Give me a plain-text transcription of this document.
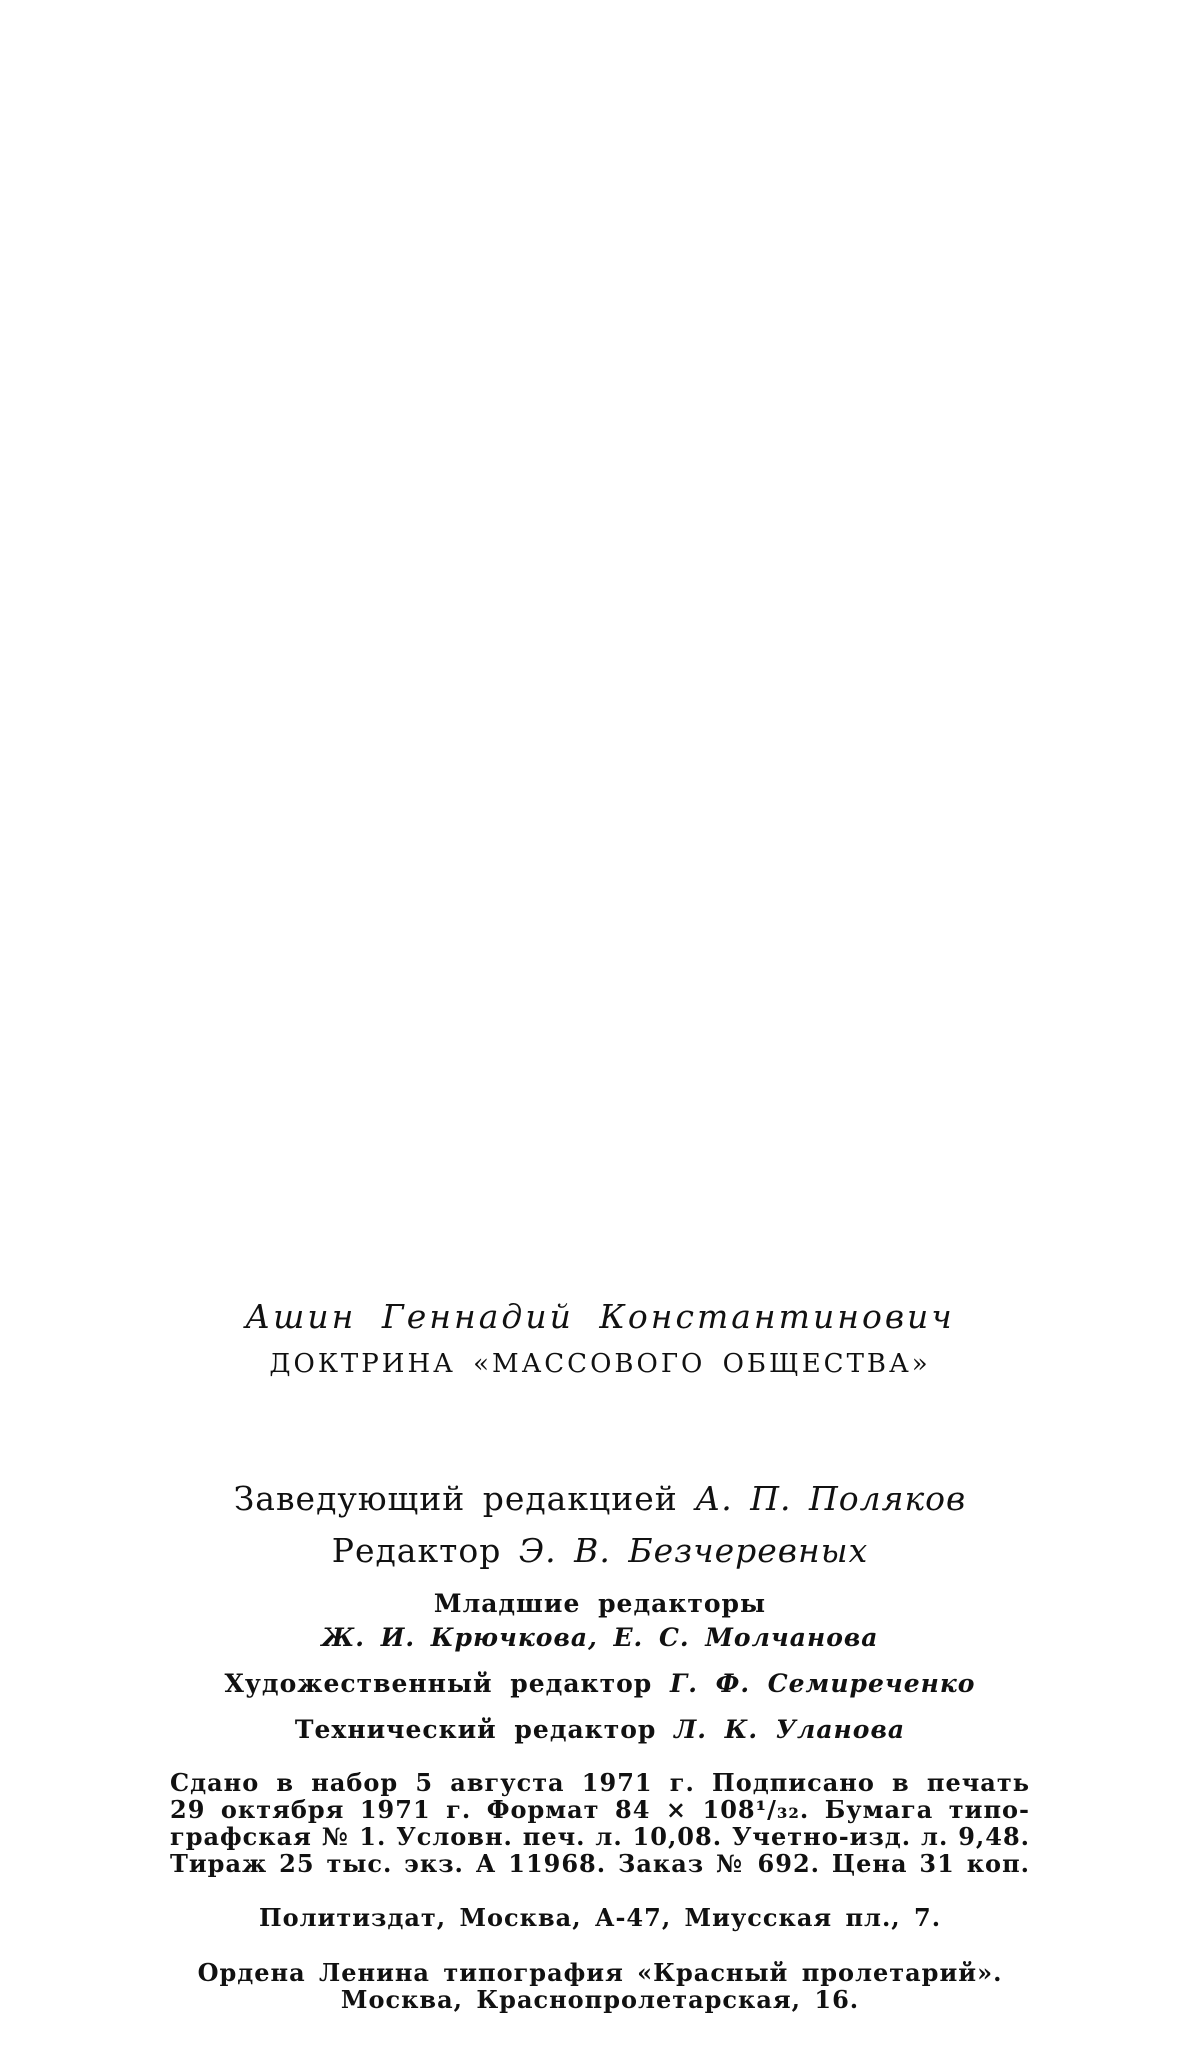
Ашин Геннадий Константинович
ДОКТРИНА «МАССОВОГО ОБЩЕСТВА»
Заведующий редакцией А. П. Поляков
Редактор Э. В. Безчеревных
Младшие редакторы
Ж. И. Крючкова, Е. С. Молчанова
Художественный редактор Г. Ф. Семиреченко
Технический редактор Л. К. Уланова
Сдано в набор 5 августа 1971 г. Подписано в печать
29 октября 1971 г. Формат 84 × 108¹/₃₂. Бумага типо-
графская № 1. Условн. печ. л. 10,08. Учетно-изд. л. 9,48.
Тираж 25 тыс. экз. А 11968. Заказ № 692. Цена 31 коп.
Политиздат, Москва, А-47, Миусская пл., 7.
Ордена Ленина типография «Красный пролетарий».
Москва, Краснопролетарская, 16.
